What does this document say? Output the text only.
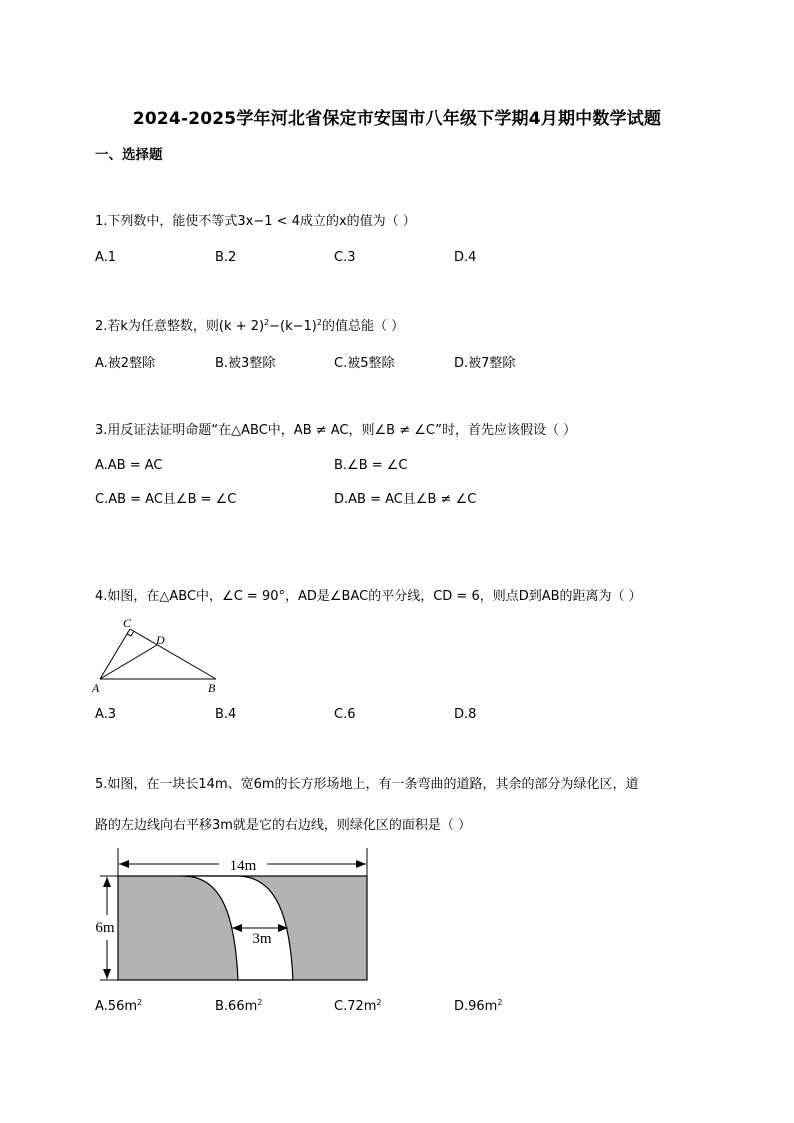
2024-2025学年河北省保定市安国市八年级下学期4月期中数学试题
一、选择题
1.下列数中，能使不等式3x−1 < 4成立的x的值为（ ）
A.1	B.2	C.3	D.4
2.若k为任意整数，则$(k + 2)^2-(k-1)^2$的值总能（ ）
A.被2整除	B.被3整除	C.被5整除	D.被7整除
3.用反证法证明命题“在△ABC中，AB ≠ AC，则∠B ≠ ∠C”时，首先应该假设（ ）
A.AB = AC	B.∠B = ∠C
C.AB = AC且∠B = ∠C	D.AB = AC且∠B ≠ ∠C
4.如图，在△ABC中，∠C = 90°，AD是∠BAC的平分线，CD = 6，则点D到AB的距离为（ ）
A	B
C
D
A.3	B.4	C.6	D.8
5.如图，在一块长14m、宽6m的长方形场地上，有一条弯曲的道路，其余的部分为绿化区，道
路的左边线向右平移3m就是它的右边线，则绿化区的面积是（ ）
14m
6m
3m
$A.56m^2$	$B.66m^2$	$C.72m^2$	$D.96m^2$
